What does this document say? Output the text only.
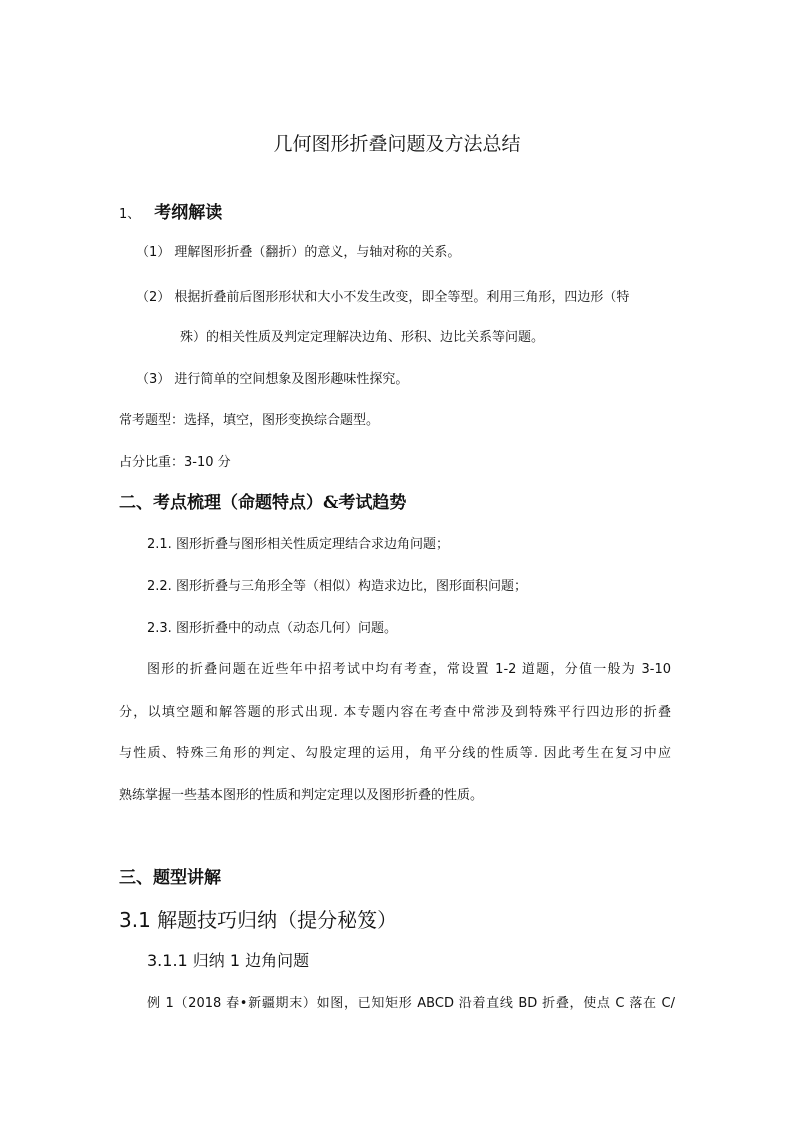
几何图形折叠问题及方法总结
1、 考纲解读
（1） 理解图形折叠（翻折）的意义，与轴对称的关系。
（2） 根据折叠前后图形形状和大小不发生改变，即全等型。利用三角形，四边形（特
殊）的相关性质及判定定理解决边角、形积、边比关系等问题。
（3） 进行简单的空间想象及图形趣味性探究。
常考题型：选择，填空，图形变换综合题型。
占分比重：3-10 分
二、考点梳理（命题特点）&考试趋势
2.1. 图形折叠与图形相关性质定理结合求边角问题；
2.2. 图形折叠与三角形全等（相似）构造求边比，图形面积问题；
2.3. 图形折叠中的动点（动态几何）问题。
图形的折叠问题在近些年中招考试中均有考查，常设置 1-2 道题，分值一般为 3-10
分，以填空题和解答题的形式出现. 本专题内容在考查中常涉及到特殊平行四边形的折叠
与性质、特殊三角形的判定、勾股定理的运用，角平分线的性质等. 因此考生在复习中应
熟练掌握一些基本图形的性质和判定定理以及图形折叠的性质。
三、题型讲解
3.1 解题技巧归纳（提分秘笈）
3.1.1 归纳 1 边角问题
例 1（2018 春•新疆期末）如图，已知矩形 ABCD 沿着直线 BD 折叠，使点 C 落在 C/
